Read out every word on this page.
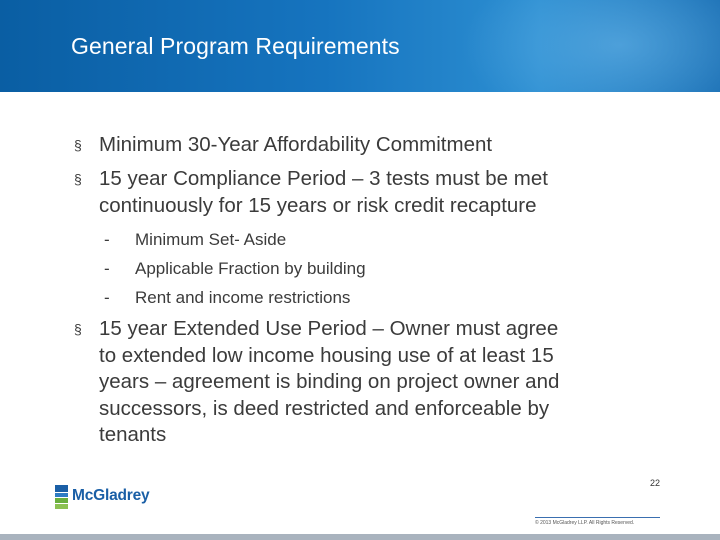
General Program Requirements
§ Minimum 30-Year Affordability Commitment
§ 15 year Compliance Period – 3 tests must be met
continuously for 15 years or risk credit recapture
‐ Minimum Set- Aside
‐ Applicable Fraction by building
‐ Rent and income restrictions
§ 15 year Extended Use Period – Owner must agree
to extended low income housing use of at least 15
years – agreement is binding on project owner and
successors, is deed restricted and enforceable by
tenants
McGladrey
22
© 2013 McGladrey LLP. All Rights Reserved.
